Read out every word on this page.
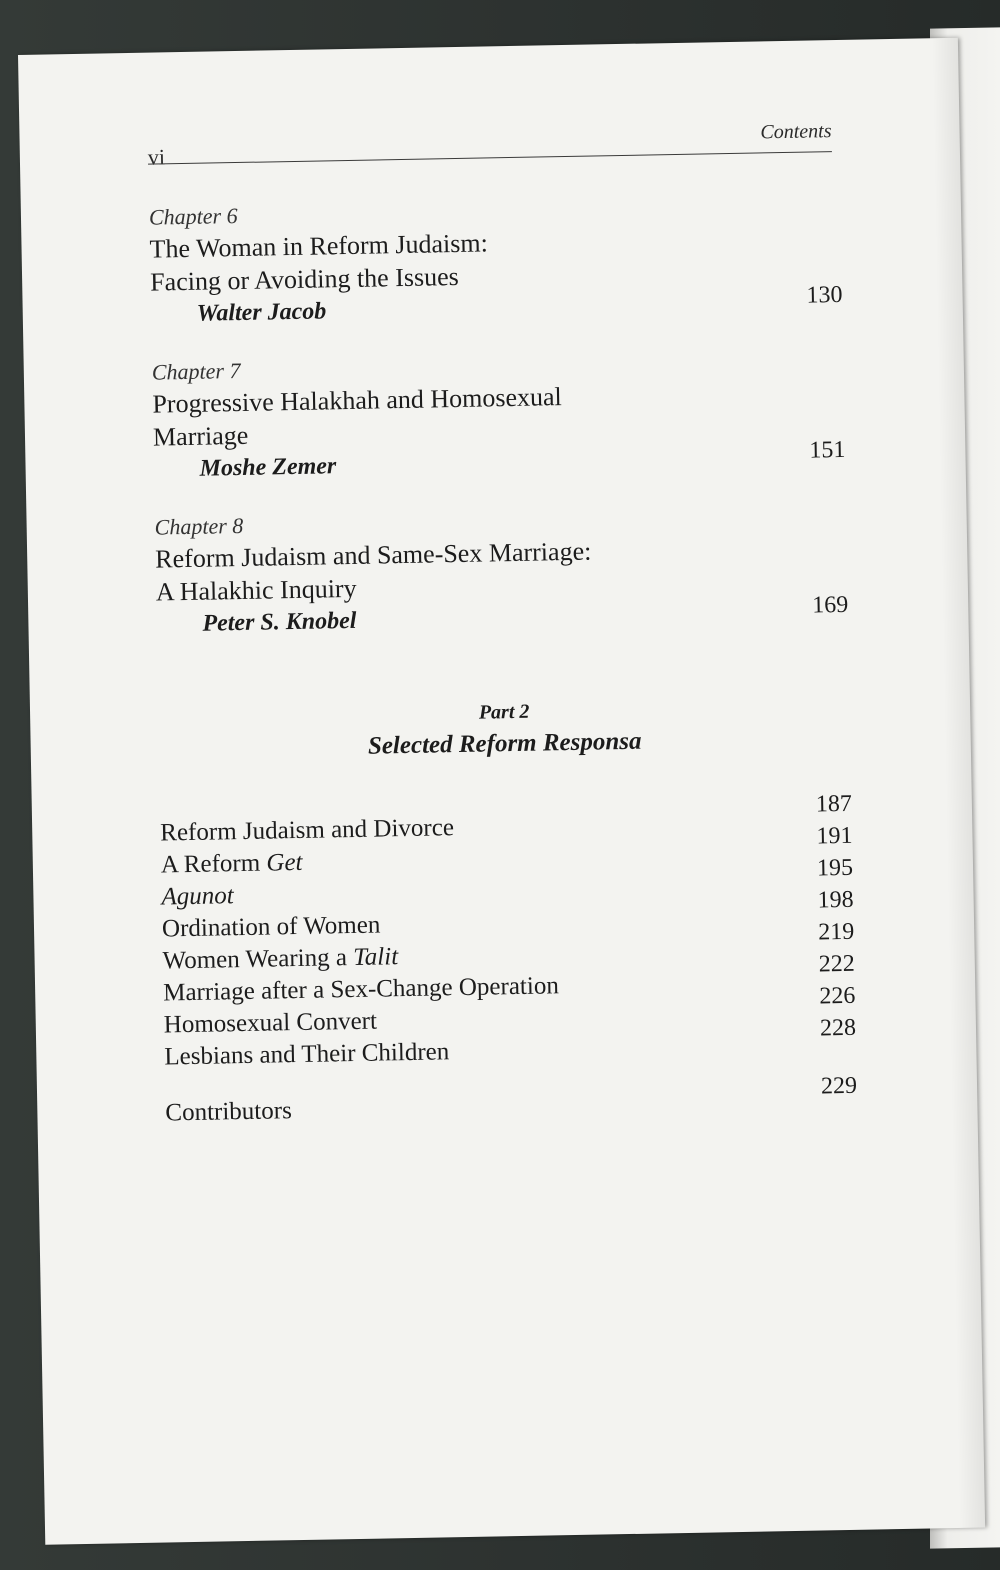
vi
Contents
Chapter 6
The Woman in Reform Judaism:
Facing or Avoiding the Issues
Walter Jacob
130
Chapter 7
Progressive Halakhah and Homosexual
Marriage
Moshe Zemer
151
Chapter 8
Reform Judaism and Same-Sex Marriage:
A Halakhic Inquiry
Peter S. Knobel
169
Part 2
Selected Reform Responsa
Reform Judaism and Divorce
187
A Reform Get
191
Agunot
195
Ordination of Women
198
Women Wearing a Talit
219
Marriage after a Sex-Change Operation
222
Homosexual Convert
226
Lesbians and Their Children
228
Contributors
229
